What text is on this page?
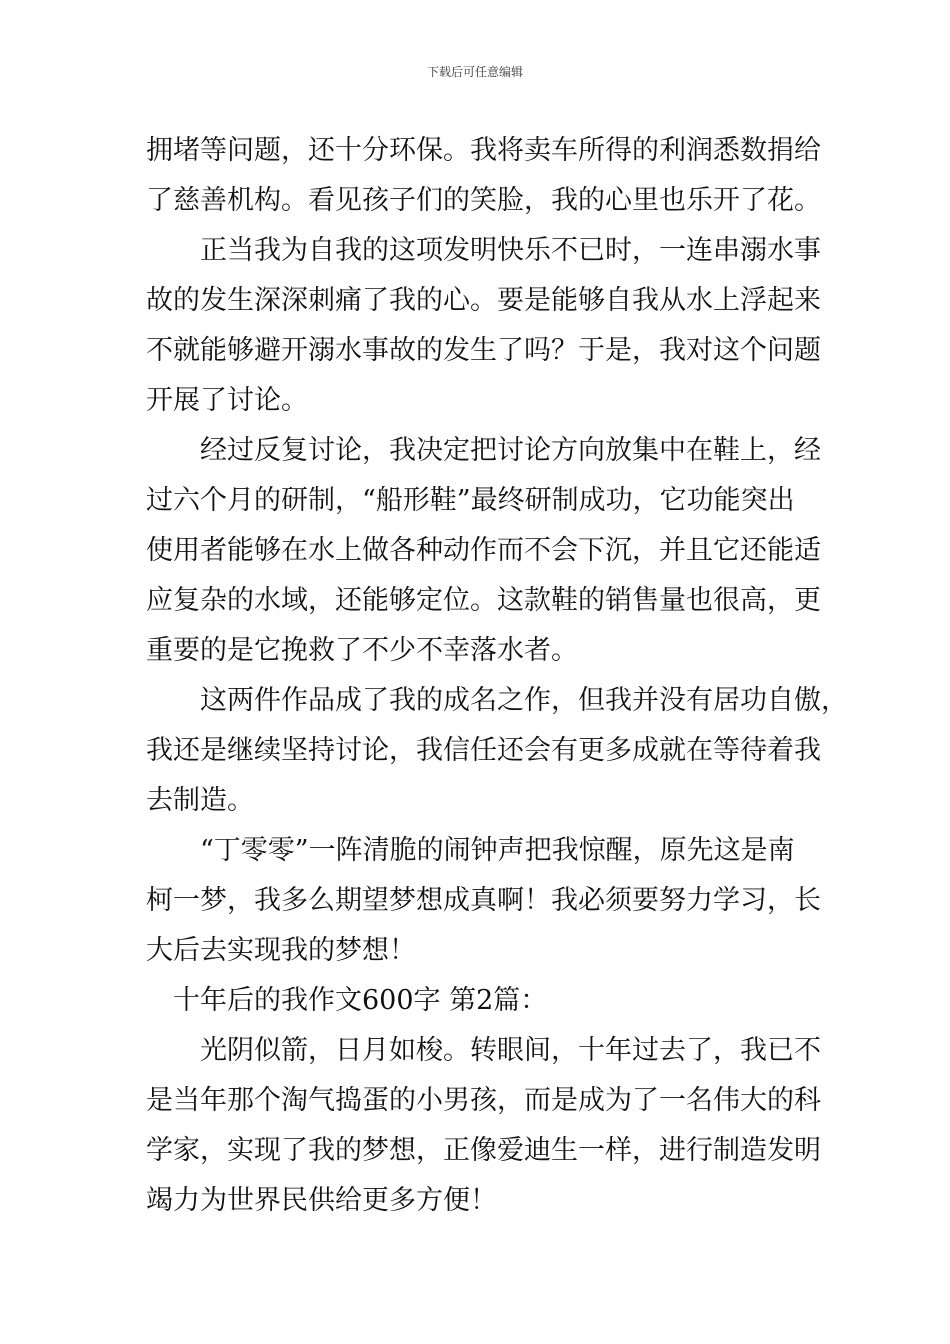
下载后可任意编辑
拥堵等问题，还十分环保。我将卖车所得的利润悉数捐给
了慈善机构。看见孩子们的笑脸，我的心里也乐开了花。
正当我为自我的这项发明快乐不已时，一连串溺水事
故的发生深深刺痛了我的心。要是能够自我从水上浮起来
不就能够避开溺水事故的发生了吗？于是，我对这个问题
开展了讨论。
经过反复讨论，我决定把讨论方向放集中在鞋上，经
过六个月的研制，“船形鞋”最终研制成功，它功能突出
使用者能够在水上做各种动作而不会下沉，并且它还能适
应复杂的水域，还能够定位。这款鞋的销售量也很高，更
重要的是它挽救了不少不幸落水者。
这两件作品成了我的成名之作，但我并没有居功自傲，
我还是继续坚持讨论，我信任还会有更多成就在等待着我
去制造。
“丁零零”一阵清脆的闹钟声把我惊醒，原先这是南
柯一梦，我多么期望梦想成真啊！我必须要努力学习，长
大后去实现我的梦想！
十年后的我作文600字 第2篇：
光阴似箭，日月如梭。转眼间，十年过去了，我已不
是当年那个淘气捣蛋的小男孩，而是成为了一名伟大的科
学家，实现了我的梦想，正像爱迪生一样，进行制造发明
竭力为世界民供给更多方便！
